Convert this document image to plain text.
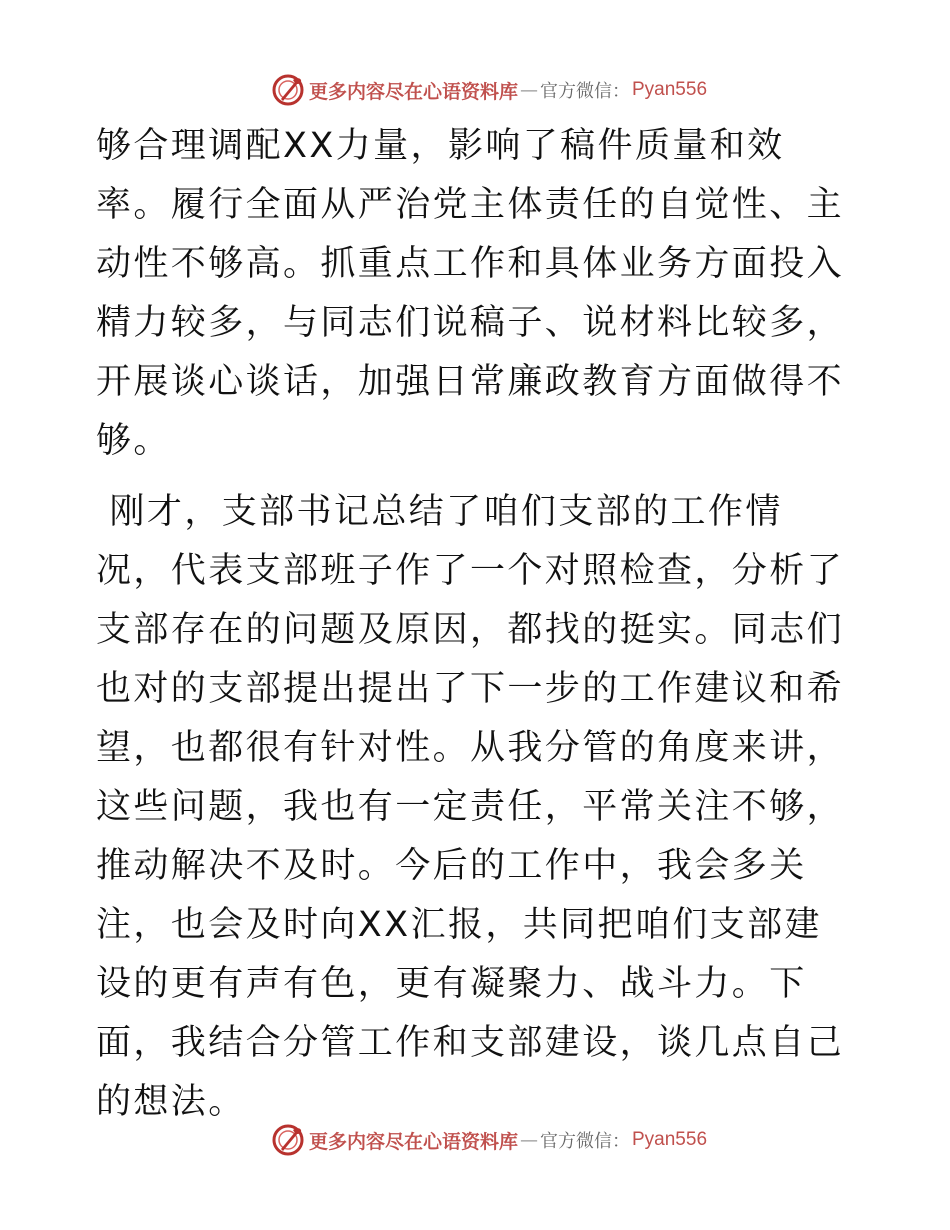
更多内容尽在心语资料库 — 官方微信： Pyan556

够合理调配XX力量，影响了稿件质量和效率。履行全面从严治党主体责任的自觉性、主动性不够高。抓重点工作和具体业务方面投入精力较多，与同志们说稿子、说材料比较多，开展谈心谈话，加强日常廉政教育方面做得不够。

刚才，支部书记总结了咱们支部的工作情况，代表支部班子作了一个对照检查，分析了支部存在的问题及原因，都找的挺实。同志们也对的支部提出提出了下一步的工作建议和希望，也都很有针对性。从我分管的角度来讲，这些问题，我也有一定责任，平常关注不够，推动解决不及时。今后的工作中，我会多关注，也会及时向XX汇报，共同把咱们支部建设的更有声有色，更有凝聚力、战斗力。下面，我结合分管工作和支部建设，谈几点自己的想法。

更多内容尽在心语资料库 — 官方微信： Pyan556
